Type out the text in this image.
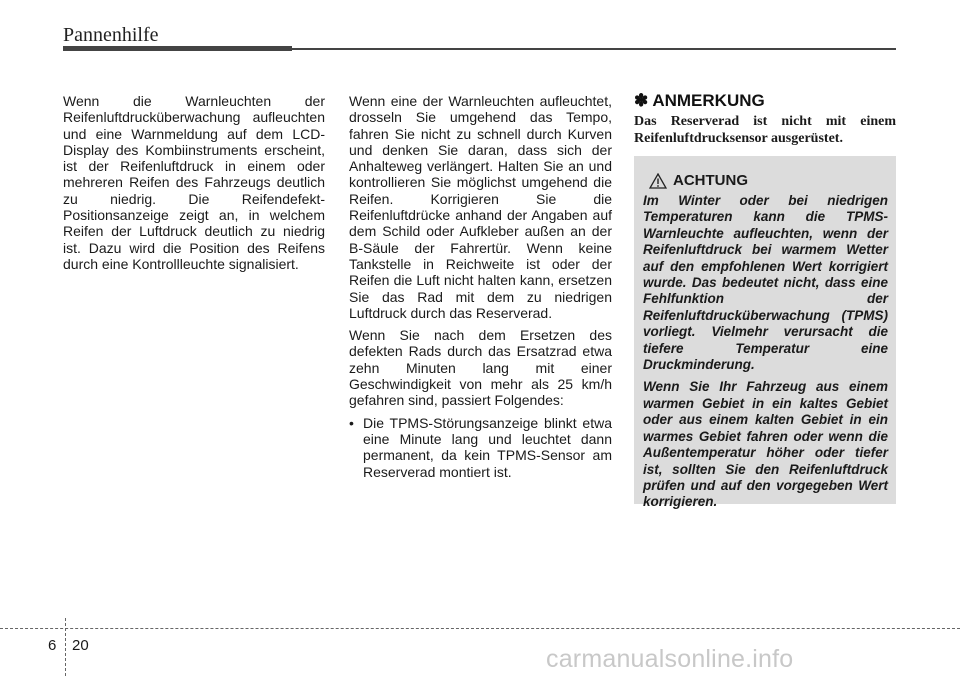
Pannenhilfe

Wenn die Warnleuchten der Reifenluftdrucküberwachung aufleuchten und eine Warnmeldung auf dem LCD-Display des Kombiinstruments erscheint, ist der Reifenluftdruck in einem oder mehreren Reifen des Fahrzeugs deutlich zu niedrig. Die Reifendefekt-Positionsanzeige zeigt an, in welchem Reifen der Luftdruck deutlich zu niedrig ist. Dazu wird die Position des Reifens durch eine Kontrollleuchte signalisiert.

Wenn eine der Warnleuchten aufleuchtet, drosseln Sie umgehend das Tempo, fahren Sie nicht zu schnell durch Kurven und denken Sie daran, dass sich der Anhalteweg verlängert. Halten Sie an und kontrollieren Sie möglichst umgehend die Reifen. Korrigieren Sie die Reifenluftdrücke anhand der Angaben auf dem Schild oder Aufkleber außen an der B-Säule der Fahrertür. Wenn keine Tankstelle in Reichweite ist oder der Reifen die Luft nicht halten kann, ersetzen Sie das Rad mit dem zu niedrigen Luftdruck durch das Reserverad.

Wenn Sie nach dem Ersetzen des defekten Rads durch das Ersatzrad etwa zehn Minuten lang mit einer Geschwindigkeit von mehr als 25 km/h gefahren sind, passiert Folgendes:

• Die TPMS-Störungsanzeige blinkt etwa eine Minute lang und leuchtet dann permanent, da kein TPMS-Sensor am Reserverad montiert ist.
✽ ANMERKUNG
Das Reserverad ist nicht mit einem Reifenluftdrucksensor ausgerüstet.
ACHTUNG

Im Winter oder bei niedrigen Temperaturen kann die TPMS-Warnleuchte aufleuchten, wenn der Reifenluftdruck bei warmem Wetter auf den empfohlenen Wert korrigiert wurde. Das bedeutet nicht, dass eine Fehlfunktion der Reifenluftdrucküberwachung (TPMS) vorliegt. Vielmehr verursacht die tiefere Temperatur eine Druckminderung.

Wenn Sie Ihr Fahrzeug aus einem warmen Gebiet in ein kaltes Gebiet oder aus einem kalten Gebiet in ein warmes Gebiet fahren oder wenn die Außentemperatur höher oder tiefer ist, sollten Sie den Reifenluftdruck prüfen und auf den vorgegeben Wert korrigieren.

6 20	carmanualsonline.info
